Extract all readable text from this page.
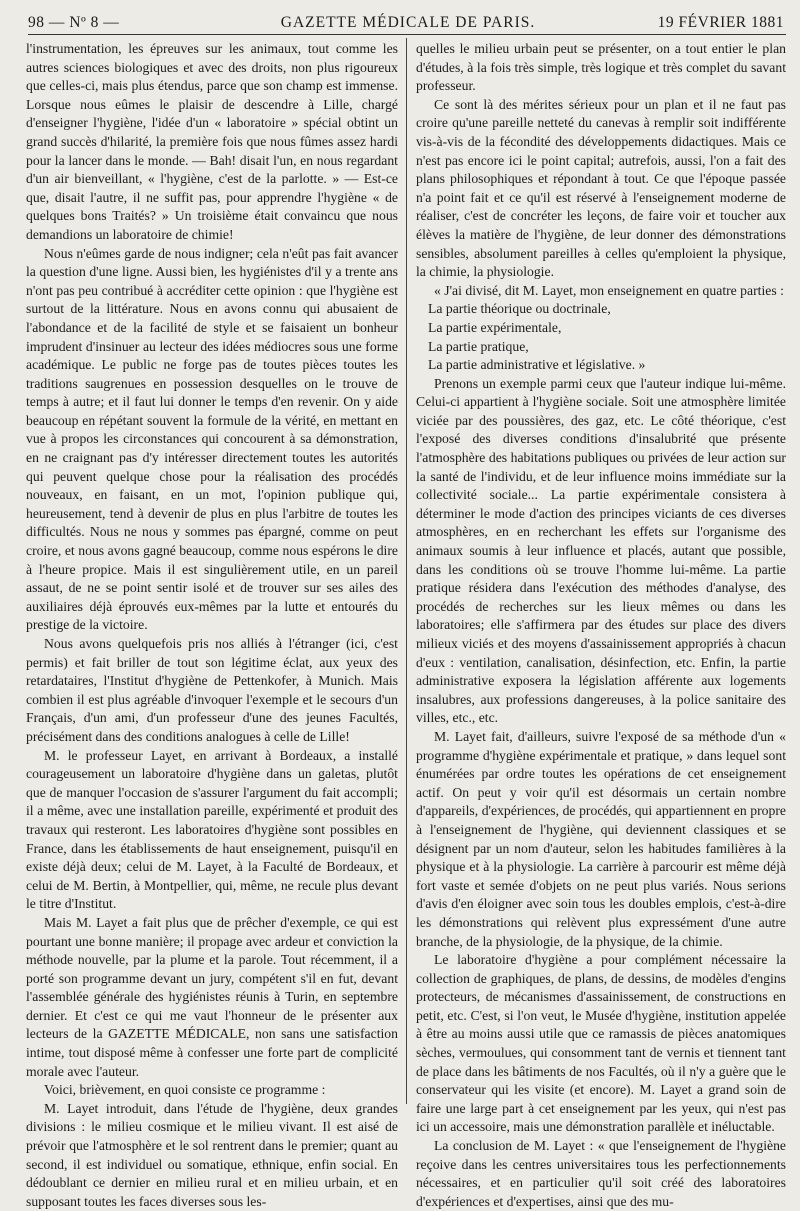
98 — Nº 8 —	GAZETTE MÉDICALE DE PARIS.	19 FÉVRIER 1881

l'instrumentation, les épreuves sur les animaux, tout comme les autres sciences biologiques et avec des droits, non plus rigoureux que celles-ci, mais plus étendus, parce que son champ est immense. Lorsque nous eûmes le plaisir de descendre à Lille, chargé d'enseigner l'hygiène, l'idée d'un « laboratoire » spécial obtint un grand succès d'hilarité, la première fois que nous fûmes assez hardi pour la lancer dans le monde. — Bah! disait l'un, en nous regardant d'un air bienveillant, « l'hygiène, c'est de la parlotte. » — Est-ce que, disait l'autre, il ne suffit pas, pour apprendre l'hygiène « de quelques bons Traités? » Un troisième était convaincu que nous demandions un laboratoire de chimie!

Nous n'eûmes garde de nous indigner; cela n'eût pas fait avancer la question d'une ligne. Aussi bien, les hygiénistes d'il y a trente ans n'ont pas peu contribué à accréditer cette opinion : que l'hygiène est surtout de la littérature. Nous en avons connu qui abusaient de l'abondance et de la facilité de style et se faisaient un bonheur imprudent d'insinuer au lecteur des idées médiocres sous une forme académique. Le public ne forge pas de toutes pièces toutes les traditions saugrenues en possession desquelles on le trouve de temps à autre; et il faut lui donner le temps d'en revenir. On y aide beaucoup en répétant souvent la formule de la vérité, en mettant en vue à propos les circonstances qui concourent à sa démonstration, en ne craignant pas d'y intéresser directement toutes les autorités qui peuvent quelque chose pour la réalisation des procédés nouveaux, en faisant, en un mot, l'opinion publique qui, heureusement, tend à devenir de plus en plus l'arbitre de toutes les difficultés. Nous ne nous y sommes pas épargné, comme on peut croire, et nous avons gagné beaucoup, comme nous espérons le dire à l'heure propice. Mais il est singulièrement utile, en un pareil assaut, de ne se point sentir isolé et de trouver sur ses ailes des auxiliaires déjà éprouvés eux-mêmes par la lutte et entourés du prestige de la victoire.

Nous avons quelquefois pris nos alliés à l'étranger (ici, c'est permis) et fait briller de tout son légitime éclat, aux yeux des retardataires, l'Institut d'hygiène de Pettenkofer, à Munich. Mais combien il est plus agréable d'invoquer l'exemple et le secours d'un Français, d'un ami, d'un professeur d'une des jeunes Facultés, précisément dans des conditions analogues à celle de Lille!

M. le professeur Layet, en arrivant à Bordeaux, a installé courageusement un laboratoire d'hygiène dans un galetas, plutôt que de manquer l'occasion de s'assurer l'argument du fait accompli; il a même, avec une installation pareille, expérimenté et produit des travaux qui resteront. Les laboratoires d'hygiène sont possibles en France, dans les établissements de haut enseignement, puisqu'il en existe déjà deux; celui de M. Layet, à la Faculté de Bordeaux, et celui de M. Bertin, à Montpellier, qui, même, ne recule plus devant le titre d'Institut.

Mais M. Layet a fait plus que de prêcher d'exemple, ce qui est pourtant une bonne manière; il propage avec ardeur et conviction la méthode nouvelle, par la plume et la parole. Tout récemment, il a porté son programme devant un jury, compétent s'il en fut, devant l'assemblée générale des hygiénistes réunis à Turin, en septembre dernier. Et c'est ce qui me vaut l'honneur de le présenter aux lecteurs de la GAZETTE MÉDICALE, non sans une satisfaction intime, tout disposé même à confesser une forte part de complicité morale avec l'auteur.

Voici, brièvement, en quoi consiste ce programme :

M. Layet introduit, dans l'étude de l'hygiène, deux grandes divisions : le milieu cosmique et le milieu vivant. Il est aisé de prévoir que l'atmosphère et le sol rentrent dans le premier; quant au second, il est individuel ou somatique, ethnique, enfin social. En dédoublant ce dernier en milieu rural et en milieu urbain, et en supposant toutes les faces diverses sous les-

quelles le milieu urbain peut se présenter, on a tout entier le plan d'études, à la fois très simple, très logique et très complet du savant professeur.

Ce sont là des mérites sérieux pour un plan et il ne faut pas croire qu'une pareille netteté du canevas à remplir soit indifférente vis-à-vis de la fécondité des développements didactiques. Mais ce n'est pas encore ici le point capital; autrefois, aussi, l'on a fait des plans philosophiques et répondant à tout. Ce que l'époque passée n'a point fait et ce qu'il est réservé à l'enseignement moderne de réaliser, c'est de concréter les leçons, de faire voir et toucher aux élèves la matière de l'hygiène, de leur donner des démonstrations sensibles, absolument pareilles à celles qu'emploient la physique, la chimie, la physiologie.

« J'ai divisé, dit M. Layet, mon enseignement en quatre parties :

La partie théorique ou doctrinale,

La partie expérimentale,

La partie pratique,

La partie administrative et législative. »

Prenons un exemple parmi ceux que l'auteur indique lui-même. Celui-ci appartient à l'hygiène sociale. Soit une atmosphère limitée viciée par des poussières, des gaz, etc. Le côté théorique, c'est l'exposé des diverses conditions d'insalubrité que présente l'atmosphère des habitations publiques ou privées de leur action sur la santé de l'individu, et de leur influence moins immédiate sur la collectivité sociale... La partie expérimentale consistera à déterminer le mode d'action des principes viciants de ces diverses atmosphères, en en recherchant les effets sur l'organisme des animaux soumis à leur influence et placés, autant que possible, dans les conditions où se trouve l'homme lui-même. La partie pratique résidera dans l'exécution des méthodes d'analyse, des procédés de recherches sur les lieux mêmes ou dans les laboratoires; elle s'affirmera par des études sur place des divers milieux viciés et des moyens d'assainissement appropriés à chacun d'eux : ventilation, canalisation, désinfection, etc. Enfin, la partie administrative exposera la législation afférente aux logements insalubres, aux professions dangereuses, à la police sanitaire des villes, etc., etc.

M. Layet fait, d'ailleurs, suivre l'exposé de sa méthode d'un « programme d'hygiène expérimentale et pratique, » dans lequel sont énumérées par ordre toutes les opérations de cet enseignement actif. On peut y voir qu'il est désormais un certain nombre d'appareils, d'expériences, de procédés, qui appartiennent en propre à l'enseignement de l'hygiène, qui deviennent classiques et se désignent par un nom d'auteur, selon les habitudes familières à la physique et à la physiologie. La carrière à parcourir est même déjà fort vaste et semée d'objets on ne peut plus variés. Nous serions d'avis d'en éloigner avec soin tous les doubles emplois, c'est-à-dire les démonstrations qui relèvent plus expressément d'une autre branche, de la physiologie, de la physique, de la chimie.

Le laboratoire d'hygiène a pour complément nécessaire la collection de graphiques, de plans, de dessins, de modèles d'engins protecteurs, de mécanismes d'assainissement, de constructions en petit, etc. C'est, si l'on veut, le Musée d'hygiène, institution appelée à être au moins aussi utile que ce ramassis de pièces anatomiques sèches, vermoulues, qui consomment tant de vernis et tiennent tant de place dans les bâtiments de nos Facultés, où il n'y a guère que le conservateur qui les visite (et encore). M. Layet a grand soin de faire une large part à cet enseignement par les yeux, qui n'est pas ici un accessoire, mais une démonstration parallèle et inéluctable.

La conclusion de M. Layet : « que l'enseignement de l'hygiène reçoive dans les centres universitaires tous les perfectionnements nécessaires, et en particulier qu'il soit créé des laboratoires d'expériences et d'expertises, ainsi que des mu-
